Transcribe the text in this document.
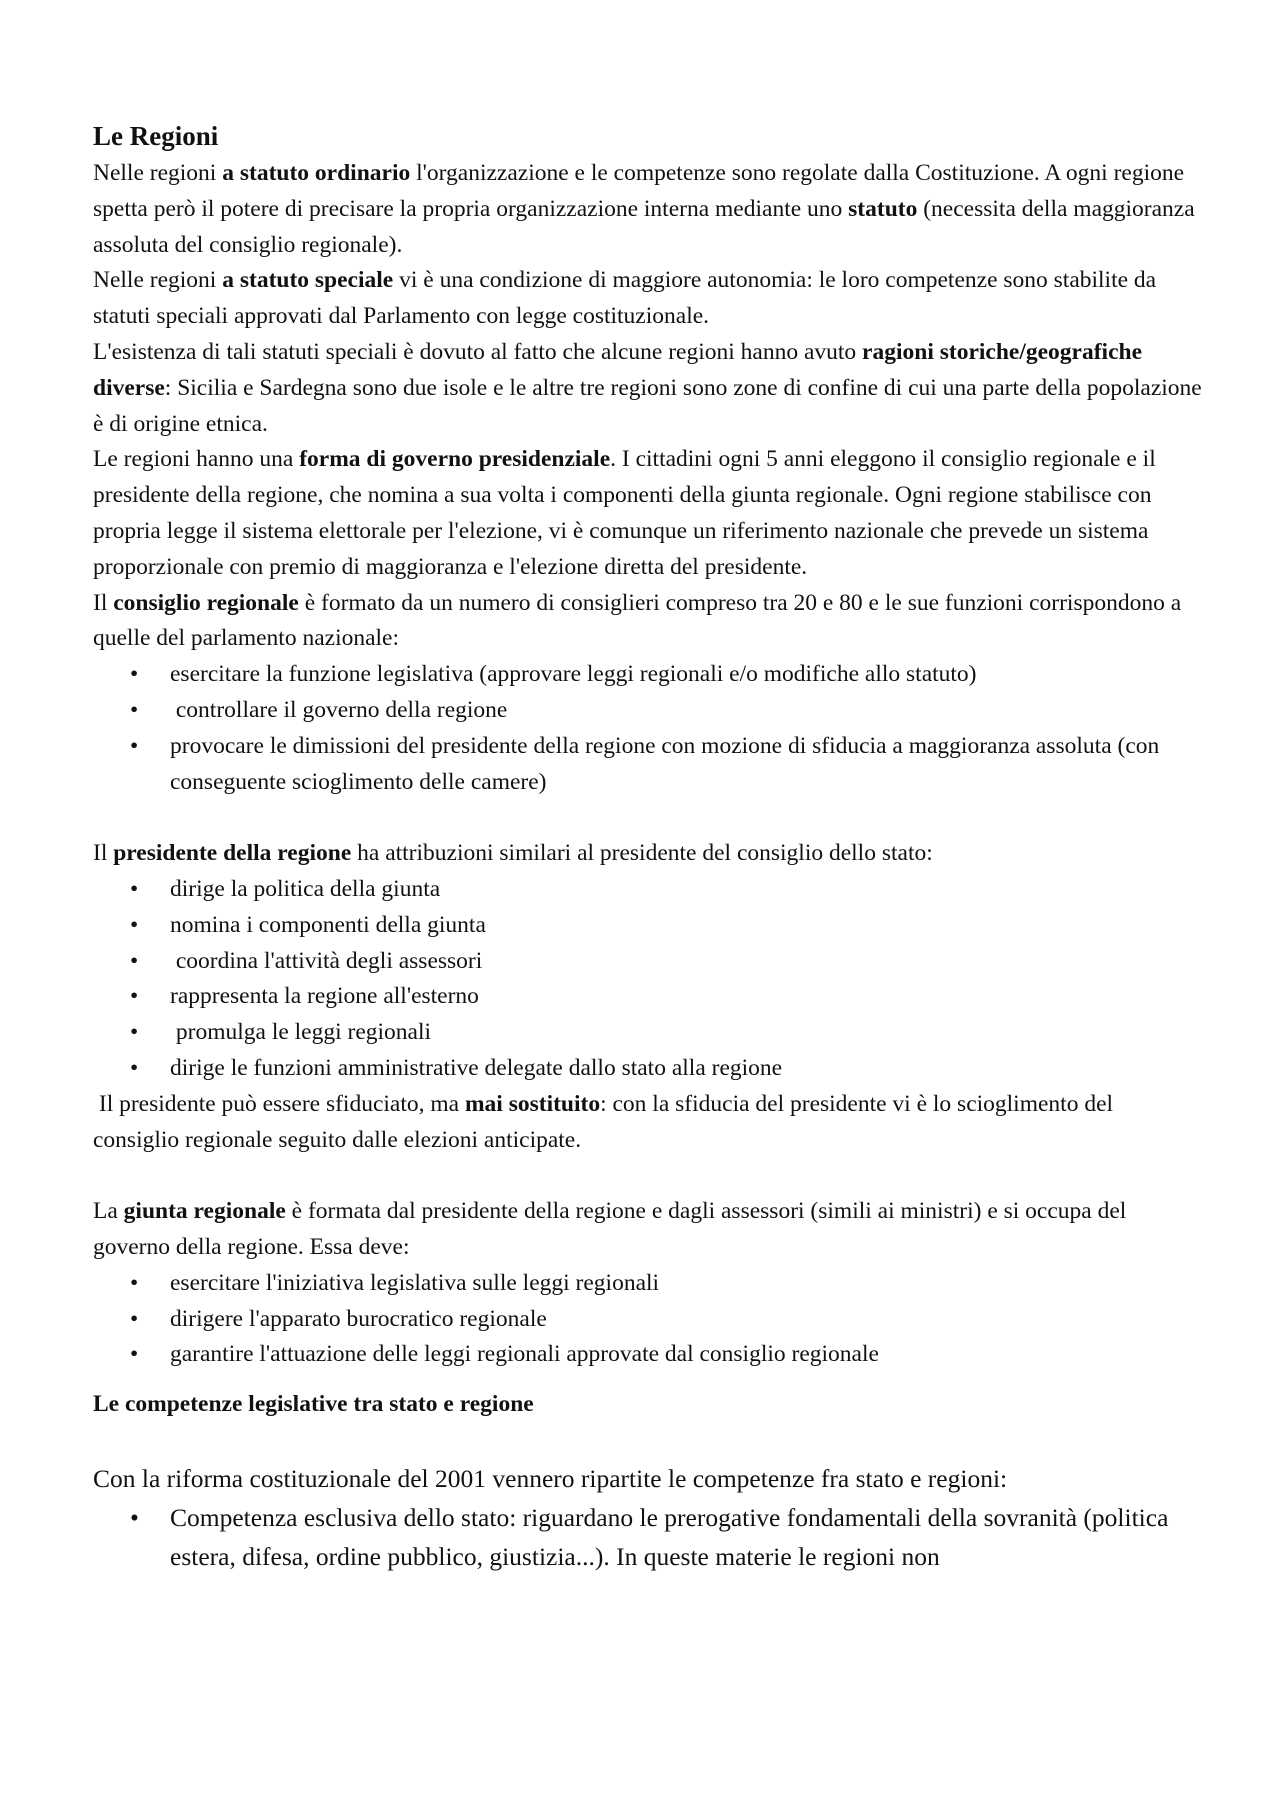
Le Regioni

Nelle regioni a statuto ordinario l'organizzazione e le competenze sono regolate dalla Costituzione. A ogni regione spetta però il potere di precisare la propria organizzazione interna mediante uno statuto (necessita della maggioranza assoluta del consiglio regionale).

Nelle regioni a statuto speciale vi è una condizione di maggiore autonomia: le loro competenze sono stabilite da statuti speciali approvati dal Parlamento con legge costituzionale.

L'esistenza di tali statuti speciali è dovuto al fatto che alcune regioni hanno avuto ragioni storiche/geografiche diverse: Sicilia e Sardegna sono due isole e le altre tre regioni sono zone di confine di cui una parte della popolazione è di origine etnica.

Le regioni hanno una forma di governo presidenziale. I cittadini ogni 5 anni eleggono il consiglio regionale e il presidente della regione, che nomina a sua volta i componenti della giunta regionale. Ogni regione stabilisce con propria legge il sistema elettorale per l'elezione, vi è comunque un riferimento nazionale che prevede un sistema proporzionale con premio di maggioranza e l'elezione diretta del presidente.

Il consiglio regionale è formato da un numero di consiglieri compreso tra 20 e 80 e le sue funzioni corrispondono a quelle del parlamento nazionale:

• esercitare la funzione legislativa (approvare leggi regionali e/o modifiche allo statuto)
• controllare il governo della regione
• provocare le dimissioni del presidente della regione con mozione di sfiducia a maggioranza assoluta (con conseguente scioglimento delle camere)

Il presidente della regione ha attribuzioni similari al presidente del consiglio dello stato:

• dirige la politica della giunta
• nomina i componenti della giunta
• coordina l'attività degli assessori
• rappresenta la regione all'esterno
• promulga le leggi regionali
• dirige le funzioni amministrative delegate dallo stato alla regione

Il presidente può essere sfiduciato, ma mai sostituito: con la sfiducia del presidente vi è lo scioglimento del consiglio regionale seguito dalle elezioni anticipate.

La giunta regionale è formata dal presidente della regione e dagli assessori (simili ai ministri) e si occupa del governo della regione. Essa deve:

• esercitare l'iniziativa legislativa sulle leggi regionali
• dirigere l'apparato burocratico regionale
• garantire l'attuazione delle leggi regionali approvate dal consiglio regionale
Le competenze legislative tra stato e regione

Con la riforma costituzionale del 2001 vennero ripartite le competenze fra stato e regioni:

• Competenza esclusiva dello stato: riguardano le prerogative fondamentali della sovranità (politica estera, difesa, ordine pubblico, giustizia...). In queste materie le regioni non
